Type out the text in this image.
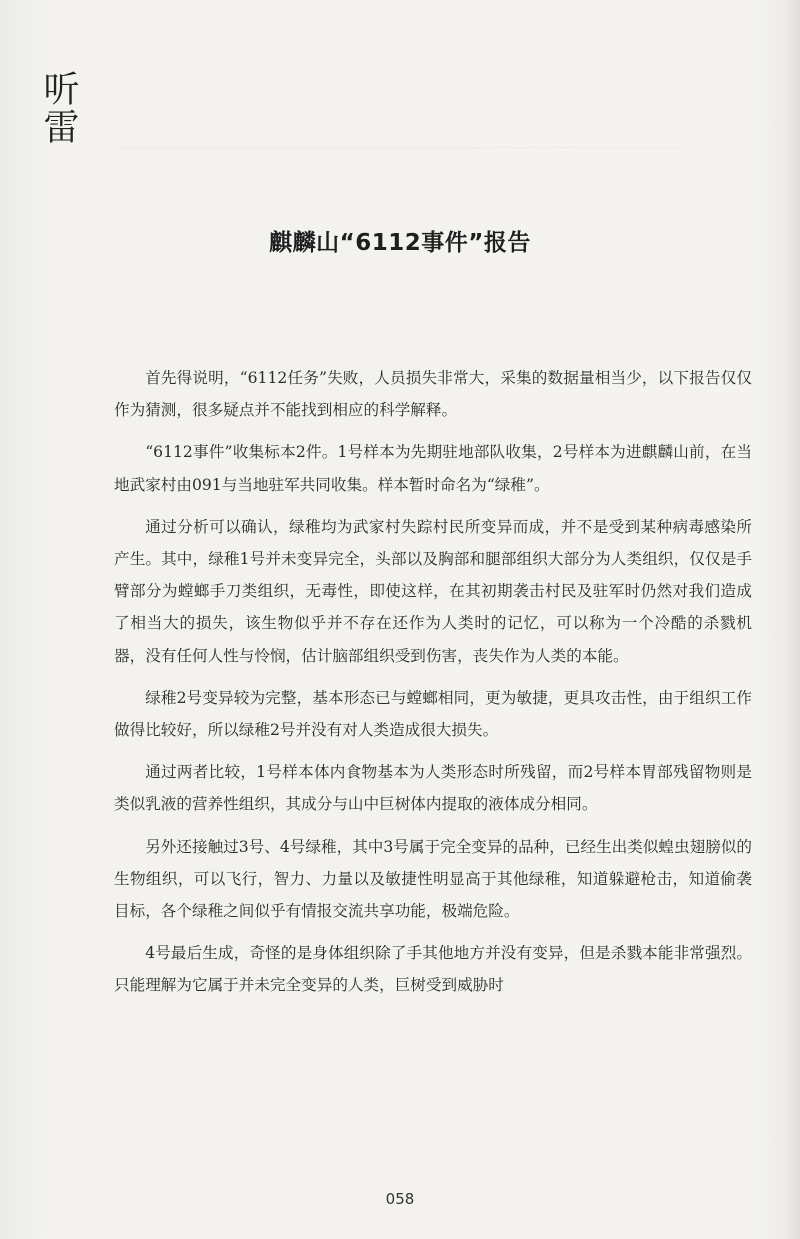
听雷
麒麟山“6112事件”报告

首先得说明，“6112任务”失败，人员损失非常大，采集的数据量相当少，以下报告仅仅作为猜测，很多疑点并不能找到相应的科学解释。

“6112事件”收集标本2件。1号样本为先期驻地部队收集，2号样本为进麒麟山前，在当地武家村由091与当地驻军共同收集。样本暂时命名为“绿稚”。

通过分析可以确认，绿稚均为武家村失踪村民所变异而成，并不是受到某种病毒感染所产生。其中，绿稚1号并未变异完全，头部以及胸部和腿部组织大部分为人类组织，仅仅是手臂部分为螳螂手刀类组织，无毒性，即使这样，在其初期袭击村民及驻军时仍然对我们造成了相当大的损失，该生物似乎并不存在还作为人类时的记忆，可以称为一个冷酷的杀戮机器，没有任何人性与怜悯，估计脑部组织受到伤害，丧失作为人类的本能。

绿稚2号变异较为完整，基本形态已与螳螂相同，更为敏捷，更具攻击性，由于组织工作做得比较好，所以绿稚2号并没有对人类造成很大损失。

通过两者比较，1号样本体内食物基本为人类形态时所残留，而2号样本胃部残留物则是类似乳液的营养性组织，其成分与山中巨树体内提取的液体成分相同。

另外还接触过3号、4号绿稚，其中3号属于完全变异的品种，已经生出类似蝗虫翅膀似的生物组织，可以飞行，智力、力量以及敏捷性明显高于其他绿稚，知道躲避枪击，知道偷袭目标，各个绿稚之间似乎有情报交流共享功能，极端危险。

4号最后生成，奇怪的是身体组织除了手其他地方并没有变异，但是杀戮本能非常强烈。只能理解为它属于并未完全变异的人类，巨树受到威胁时

058
